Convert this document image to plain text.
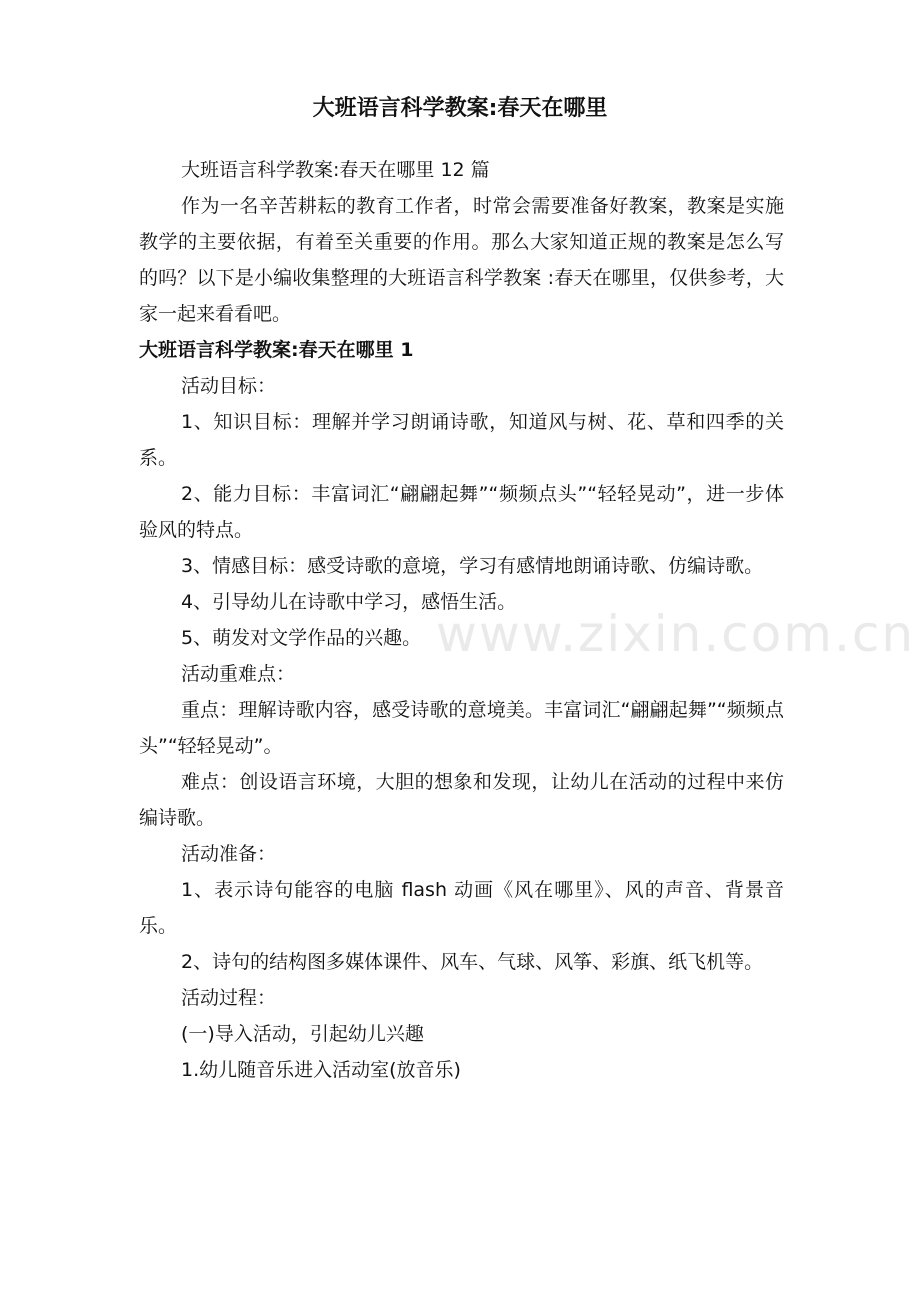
大班语言科学教案:春天在哪里

大班语言科学教案:春天在哪里 12 篇

作为一名辛苦耕耘的教育工作者，时常会需要准备好教案，教案是实施教学的主要依据，有着至关重要的作用。那么大家知道正规的教案是怎么写的吗？以下是小编收集整理的大班语言科学教案 :春天在哪里，仅供参考，大家一起来看看吧。

大班语言科学教案:春天在哪里 1

活动目标：

1、知识目标：理解并学习朗诵诗歌，知道风与树、花、草和四季的关系。

2、能力目标：丰富词汇“翩翩起舞”“频频点头”“轻轻晃动”，进一步体验风的特点。

3、情感目标：感受诗歌的意境，学习有感情地朗诵诗歌、仿编诗歌。

4、引导幼儿在诗歌中学习，感悟生活。

5、萌发对文学作品的兴趣。

活动重难点：

重点：理解诗歌内容，感受诗歌的意境美。丰富词汇“翩翩起舞”“频频点头”“轻轻晃动”。

难点：创设语言环境，大胆的想象和发现，让幼儿在活动的过程中来仿编诗歌。

活动准备：

1、表示诗句能容的电脑 flash 动画《风在哪里》、风的声音、背景音乐。

2、诗句的结构图多媒体课件、风车、气球、风筝、彩旗、纸飞机等。

活动过程：

(一)导入活动，引起幼儿兴趣

1.幼儿随音乐进入活动室(放音乐)

www.zixin.com.cn
